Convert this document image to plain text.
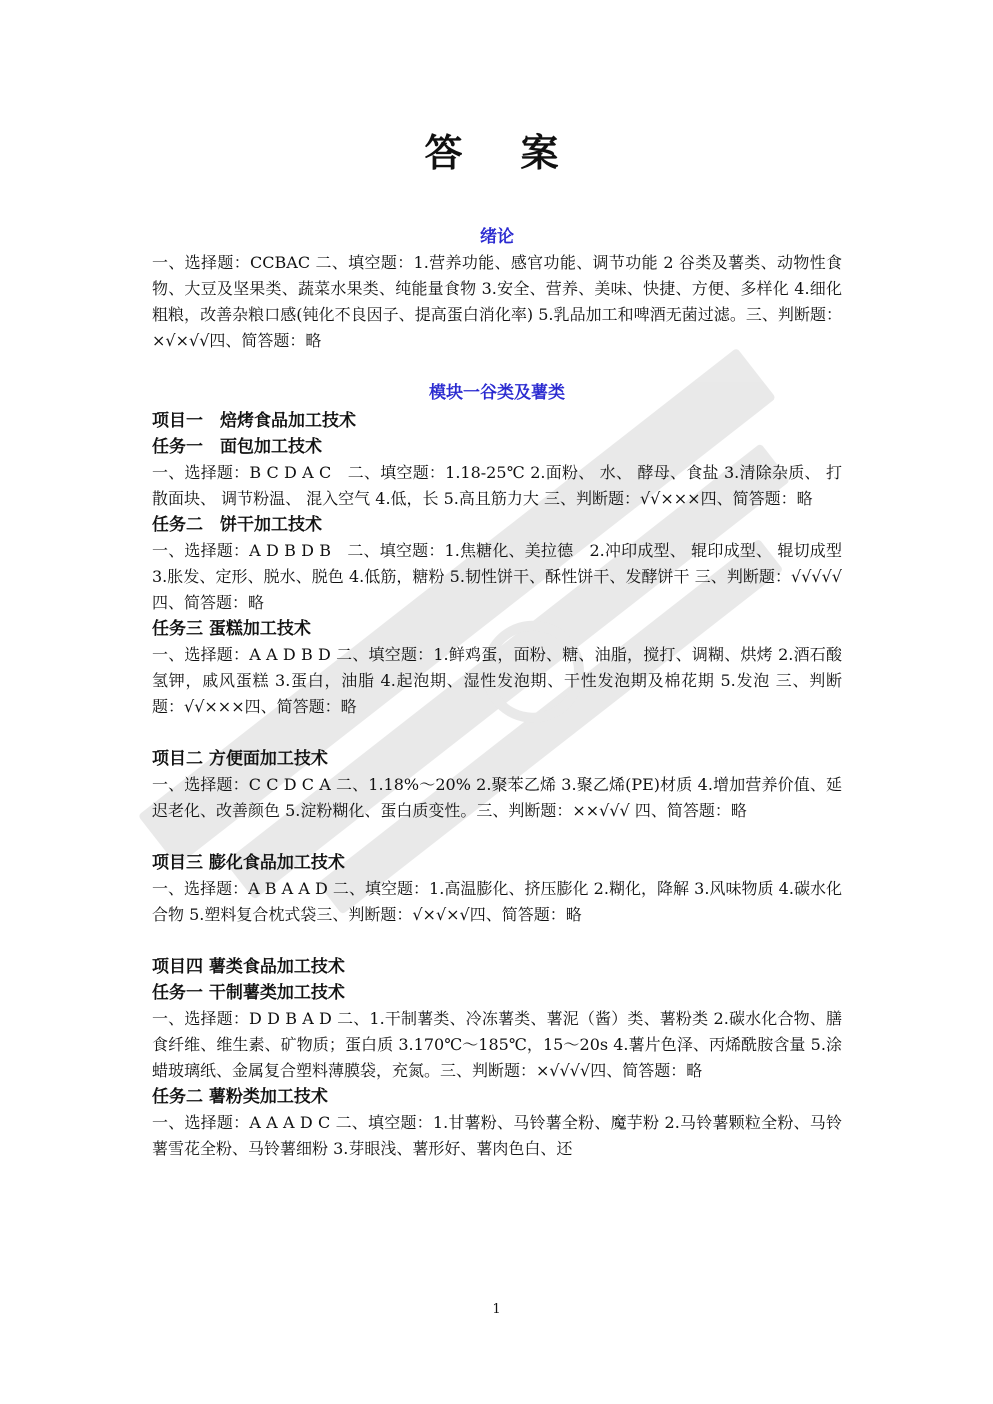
答　案
绪论

一、选择题：CCBAC 二、填空题：1.营养功能、感官功能、调节功能 2 谷类及薯类、动物性食物、大豆及坚果类、蔬菜水果类、纯能量食物 3.安全、营养、美味、快捷、方便、多样化 4.细化粗粮，改善杂粮口感(钝化不良因子、提高蛋白消化率) 5.乳品加工和啤酒无菌过滤。三、判断题：×√×√√四、简答题：略

模块一谷类及薯类
项目一　焙烤食品加工技术
任务一　面包加工技术

一、选择题：B C D A C　二、填空题：1.18-25℃ 2.面粉、 水、 酵母、食盐 3.清除杂质、 打 散面块、 调节粉温、 混入空气 4.低，长 5.高且筋力大 三、判断题：√√×××四、简答题：略

任务二　饼干加工技术

一、选择题：A D B D B　二、填空题：1.焦糖化、美拉德　2.冲印成型、 辊印成型、 辊切成型 3.胀发、定形、脱水、脱色 4.低筋，糖粉 5.韧性饼干、酥性饼干、发酵饼干 三、判断题：√√√√√ 四、简答题：略

任务三 蛋糕加工技术

一、选择题：A A D B D 二、填空题：1.鲜鸡蛋，面粉、糖、油脂，搅打、调糊、烘烤 2.酒石酸氢钾，戚风蛋糕 3.蛋白，油脂 4.起泡期、湿性发泡期、干性发泡期及棉花期 5.发泡 三、判断题：√√×××四、简答题：略

项目二 方便面加工技术

一、选择题：C C D C A 二、1.18%～20% 2.聚苯乙烯 3.聚乙烯(PE)材质 4.增加营养价值、延迟老化、改善颜色 5.淀粉糊化、蛋白质变性。三、判断题：××√√√ 四、简答题：略

项目三 膨化食品加工技术

一、选择题：A B A A D 二、填空题：1.高温膨化、挤压膨化 2.糊化，降解 3.风味物质 4.碳水化合物 5.塑料复合枕式袋三、判断题：√×√×√四、简答题：略

项目四 薯类食品加工技术
任务一 干制薯类加工技术

一、选择题：D D B A D 二、1.干制薯类、冷冻薯类、薯泥（酱）类、薯粉类 2.碳水化合物、膳食纤维、维生素、矿物质；蛋白质 3.170℃～185℃，15～20s 4.薯片色泽、丙烯酰胺含量 5.涂蜡玻璃纸、金属复合塑料薄膜袋，充氮。三、判断题：×√√√√四、简答题：略

任务二 薯粉类加工技术

一、选择题：A A A D C 二、填空题：1.甘薯粉、马铃薯全粉、魔芋粉 2.马铃薯颗粒全粉、马铃薯雪花全粉、马铃薯细粉 3.芽眼浅、薯形好、薯肉色白、还

1
